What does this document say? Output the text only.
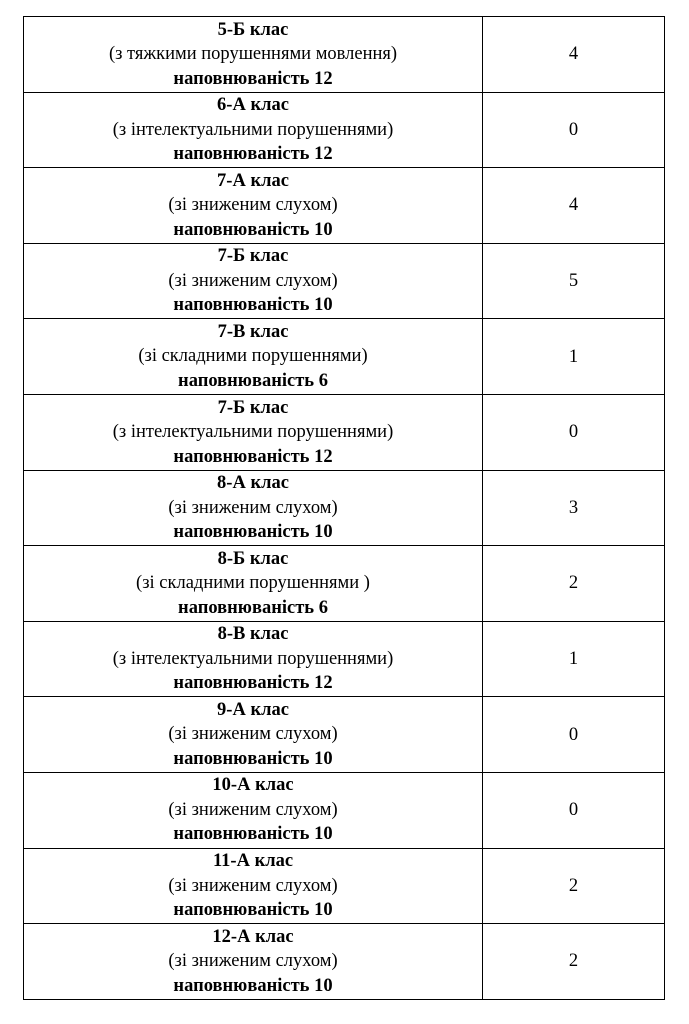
5-Б клас
(з тяжкими порушеннями мовлення)
наповнюваність 12	4

6-А клас
(з інтелектуальними порушеннями)
наповнюваність 12	0

7-А клас
(зі зниженим слухом)
наповнюваність 10	4

7-Б клас
(зі зниженим слухом)
наповнюваність 10	5

7-В клас
(зі складними порушеннями)
наповнюваність 6	1

7-Б клас
(з інтелектуальними порушеннями)
наповнюваність 12	0

8-А клас
(зі зниженим слухом)
наповнюваність 10	3

8-Б клас
(зі складними порушеннями )
наповнюваність 6	2

8-В клас
(з інтелектуальними порушеннями)
наповнюваність 12	1

9-А клас
(зі зниженим слухом)
наповнюваність 10	0

10-А клас
(зі зниженим слухом)
наповнюваність 10	0

11-А клас
(зі зниженим слухом)
наповнюваність 10	2

12-А клас
(зі зниженим слухом)
наповнюваність 10	2
